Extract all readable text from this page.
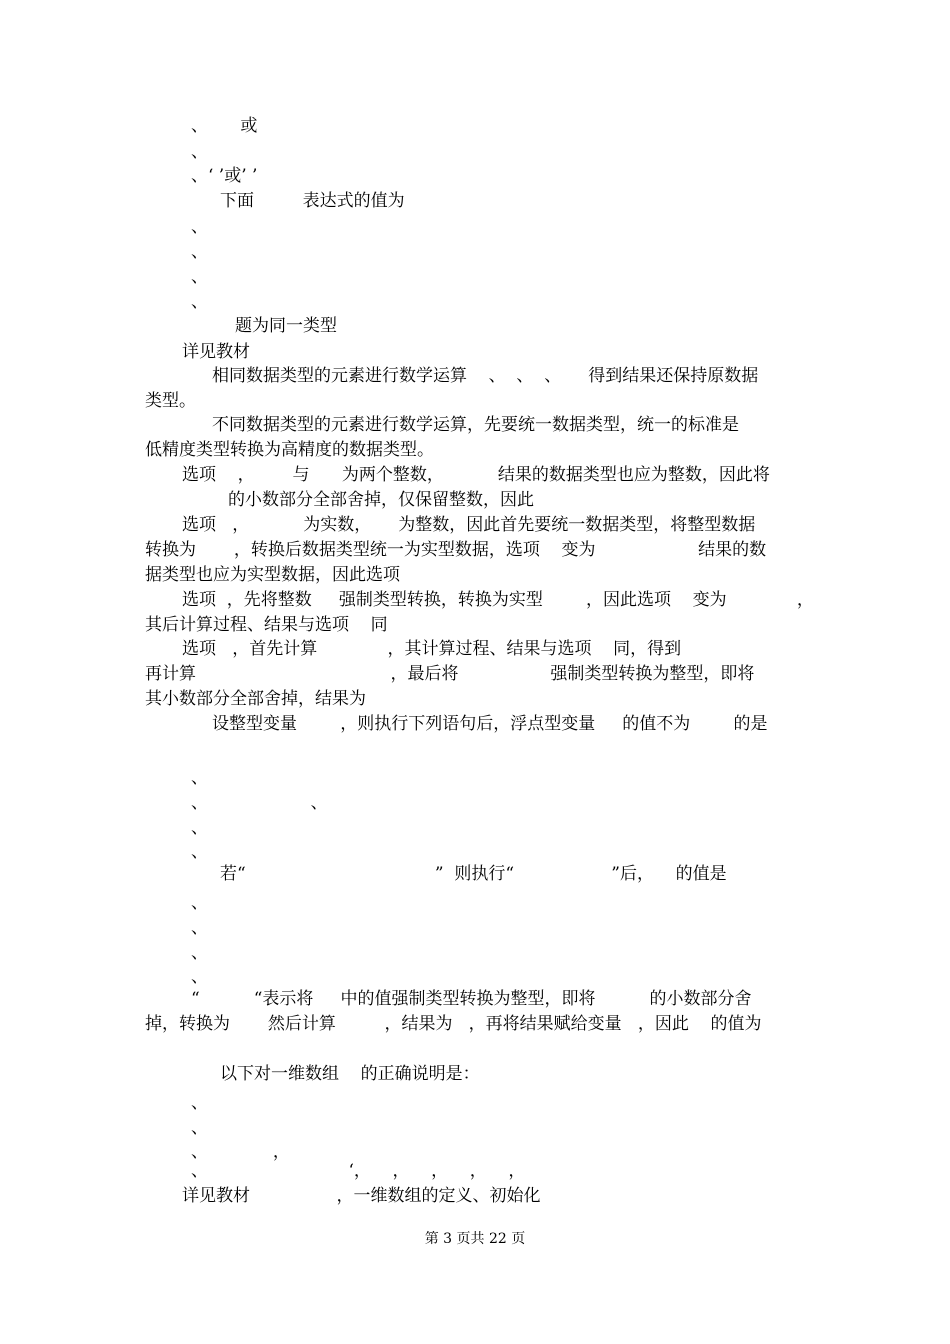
、      或
、
、‘ ’或’ ’
下面         表达式的值为
、
、
、
、
题为同一类型
详见教材
相同数据类型的元素进行数学运算    、  、  、     得到结果还保持原数据
类型。
不同数据类型的元素进行数学运算，先要统一数据类型，统一的标准是
低精度类型转换为高精度的数据类型。
选项    ，       与      为两个整数，          结果的数据类型也应为整数，因此将
的小数部分全部舍掉，仅保留整数，因此
选项   ，          为实数，     为整数，因此首先要统一数据类型，将整型数据
转换为       ，转换后数据类型统一为实型数据，选项    变为                   结果的数
据类型也应为实型数据，因此选项
选项  ，先将整数     强制类型转换，转换为实型        ，因此选项    变为             ，
其后计算过程、结果与选项    同
选项   ，首先计算             ，其计算过程、结果与选项    同，得到
再计算                                    ，最后将                 强制类型转换为整型，即将
其小数部分全部舍掉，结果为
设整型变量        ，则执行下列语句后，浮点型变量     的值不为        的是
、
、                   、
、
、
若“                                   ”  则执行“                  ”后，    的值是
、
、
、
、
“          “表示将     中的值强制类型转换为整型，即将          的小数部分舍
掉，转换为       然后计算         ，结果为   ，再将结果赋给变量   ，因此    的值为
以下对一维数组    的正确说明是：
、
、
、            ，
、                          ‘，    ，    ，    ，    ，
详见教材                ，一维数组的定义、初始化
第 3 页共 22 页
